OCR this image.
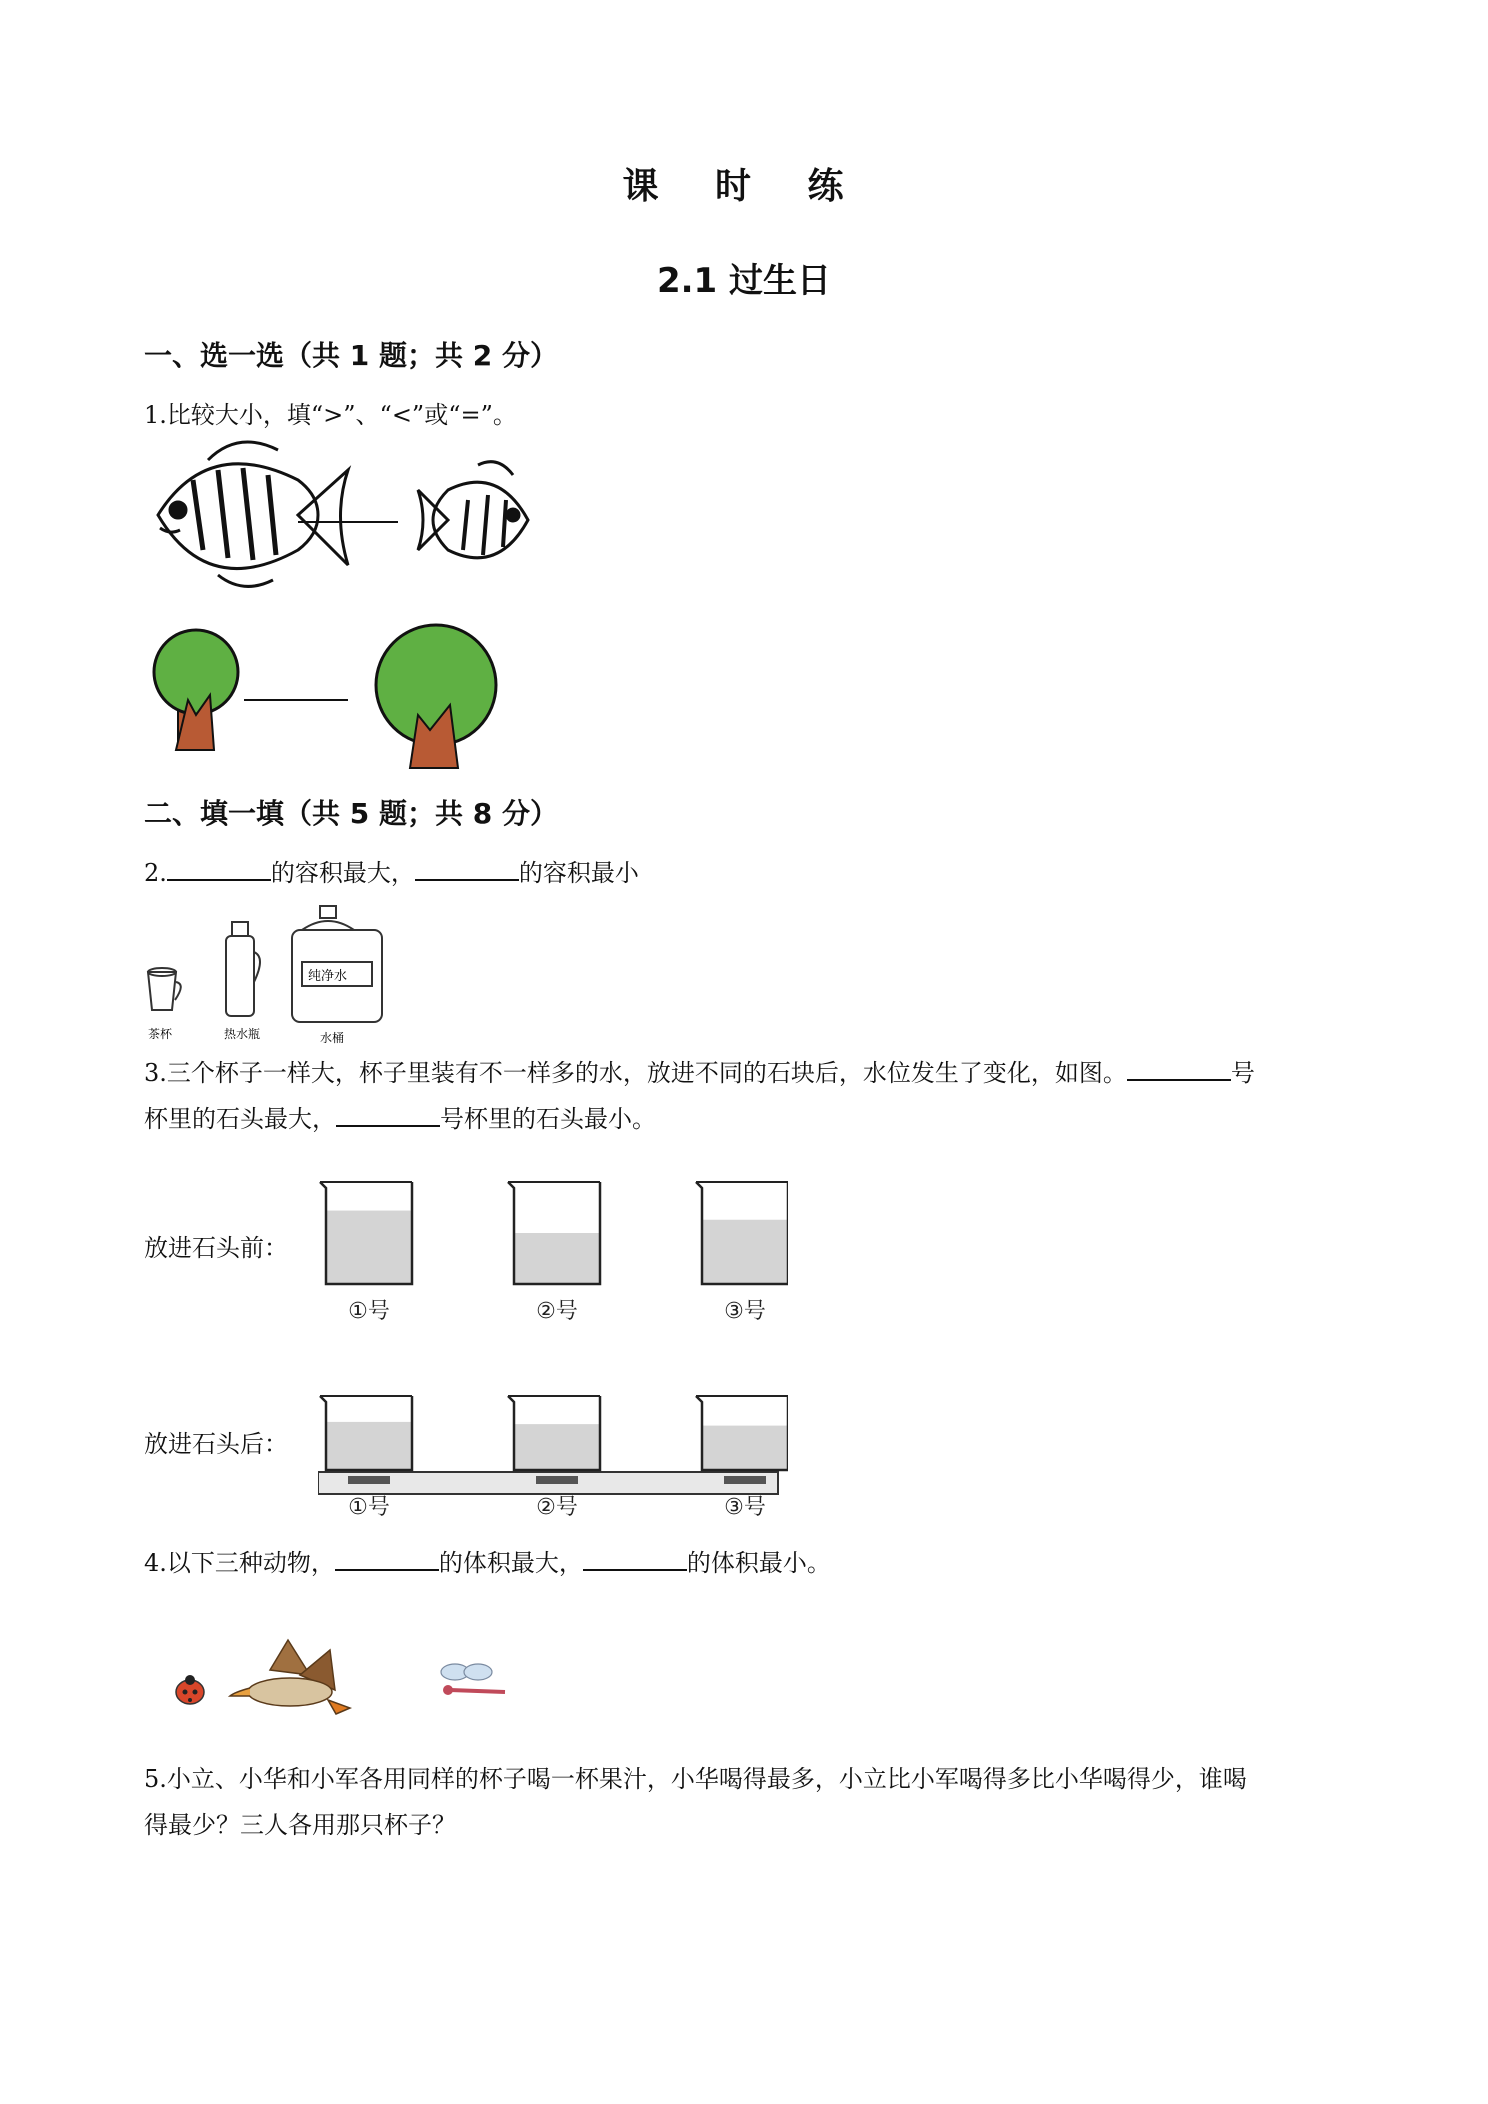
课 时 练
2.1 过生日
一、选一选（共 1 题；共 2 分）
1.比较大小，填“>”、“<”或“=”。
二、填一填（共 5 题；共 8 分）
2.	的容积最大，	的容积最小
茶杯	热水瓶
纯净水
水桶
3.三个杯子一样大，杯子里装有不一样多的水，放进不同的石块后，水位发生了变化，如图。	号
杯里的石头最大，	号杯里的石头最小。
放进石头前：
①号	②号	③号
放进石头后：
①号	②号	③号
4.以下三种动物，	的体积最大，	的体积最小。
5.小立、小华和小军各用同样的杯子喝一杯果汁，小华喝得最多，小立比小军喝得多比小华喝得少，谁喝
得最少？三人各用那只杯子？
